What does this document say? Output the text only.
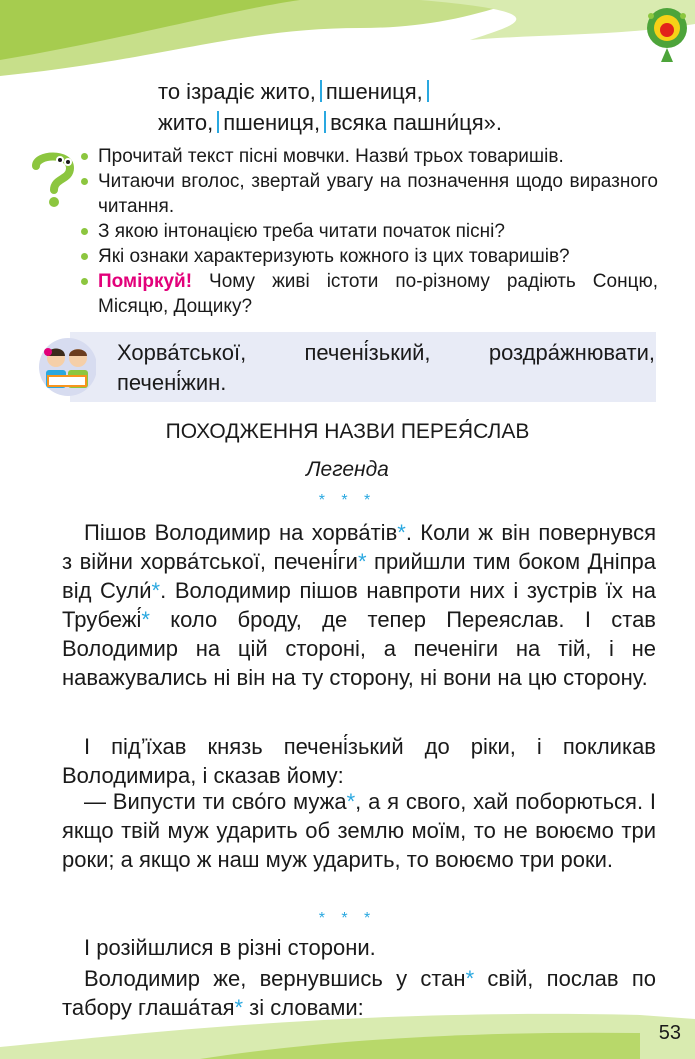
то ізрадіє жито, пшениця,
жито, пшениця, всяка пашни́ця».
Прочитай текст пісні мовчки. Назви́ трьох товаришів.
Читаючи вголос, звертай увагу на позначення щодо виразного читання.
З якою інтонацією треба читати початок пісні?
Які ознаки характеризують кожного із цих товаришів?
Поміркуй! Чому живі істоти по-різному радіють Сонцю, Місяцю, Дощику?
Хорва́тської, печені́зький, роздра́жнювати, печені́жин.
ПОХОДЖЕННЯ НАЗВИ ПЕРЕЯ́СЛАВ
Легенда
* * *
Пішов Володимир на хорва́тів*. Коли ж він повернувся з війни хорва́тської, печені́ги* прийшли тим боком Дніпра від Сули́*. Володимир пішов навпроти них і зустрів їх на Трубежі́* коло броду, де тепер Переяслав. І став Володимир на цій стороні, а печеніги на тій, і не наважувались ні він на ту сторону, ні вони на цю сторону.
І під’їхав князь печені́зький до ріки, і покликав Володимира, і сказав йому:
— Випусти ти сво́го мужа*, а я свого, хай поборються. І якщо твій муж ударить об землю моїм, то не воюємо три роки; а якщо ж наш муж ударить, то воюємо три роки.
* * *
І розійшлися в різні сторони.
Володимир же, вернувшись у стан* свій, послав по табору глаша́тая* зі словами:
53
